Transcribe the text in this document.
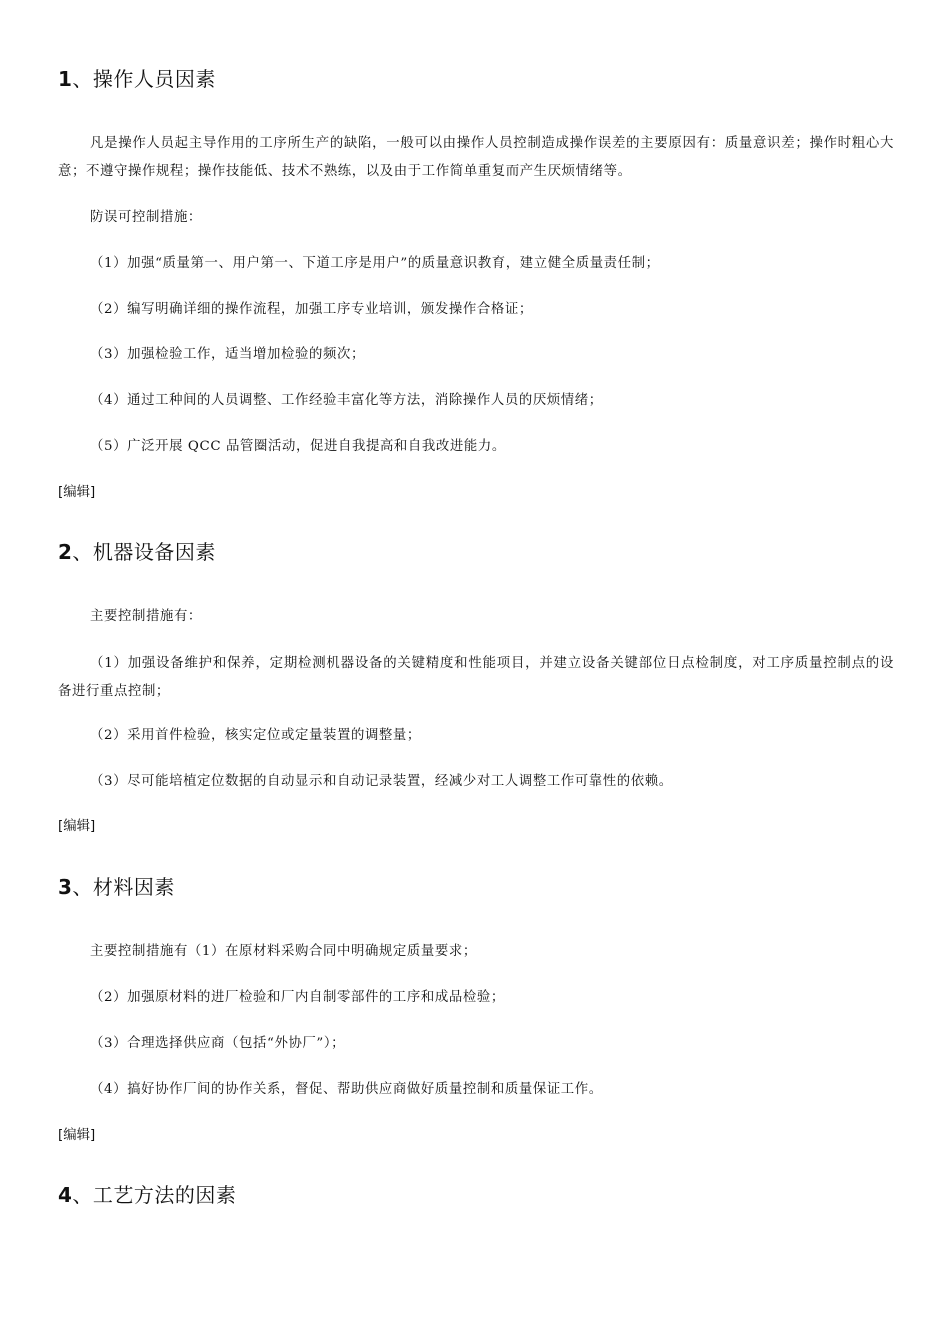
1、操作人员因素
凡是操作人员起主导作用的工序所生产的缺陷，一般可以由操作人员控制造成操作误差的主要原因有：质量意识差；操作时粗心大意；不遵守操作规程；操作技能低、技术不熟练，以及由于工作简单重复而产生厌烦情绪等。
防误可控制措施：
（1）加强“质量第一、用户第一、下道工序是用户”的质量意识教育，建立健全质量责任制；
（2）编写明确详细的操作流程，加强工序专业培训，颁发操作合格证；
（3）加强检验工作，适当增加检验的频次；
（4）通过工种间的人员调整、工作经验丰富化等方法，消除操作人员的厌烦情绪；
（5）广泛开展 QCC 品管圈活动，促进自我提高和自我改进能力。
[编辑]
2、机器设备因素
主要控制措施有：
（1）加强设备维护和保养，定期检测机器设备的关键精度和性能项目，并建立设备关键部位日点检制度，对工序质量控制点的设备进行重点控制；
（2）采用首件检验，核实定位或定量装置的调整量；
（3）尽可能培植定位数据的自动显示和自动记录装置，经减少对工人调整工作可靠性的依赖。
[编辑]
3、材料因素
主要控制措施有（1）在原材料采购合同中明确规定质量要求；
（2）加强原材料的进厂检验和厂内自制零部件的工序和成品检验；
（3）合理选择供应商（包括“外协厂”）；
（4）搞好协作厂间的协作关系，督促、帮助供应商做好质量控制和质量保证工作。
[编辑]
4、工艺方法的因素
